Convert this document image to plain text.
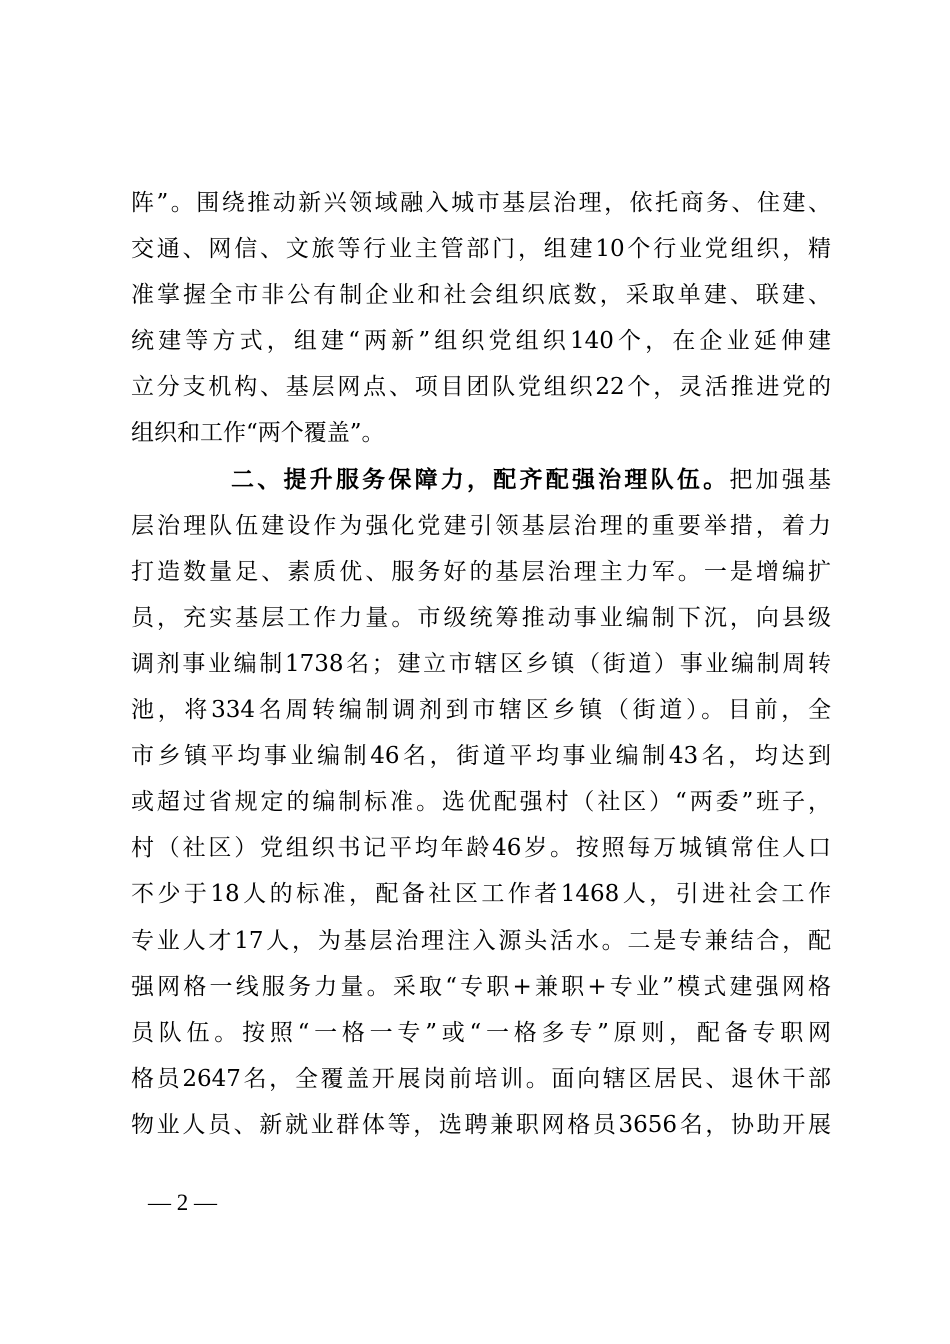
阵”。围绕推动新兴领域融入城市基层治理，依托商务、住建、
交通、网信、文旅等行业主管部门，组建10个行业党组织，精
准掌握全市非公有制企业和社会组织底数，采取单建、联建、
统建等方式，组建“两新”组织党组织140个，在企业延伸建
立分支机构、基层网点、项目团队党组织22个，灵活推进党的
组织和工作“两个覆盖”。
二、提升服务保障力，配齐配强治理队伍。把加强基
层治理队伍建设作为强化党建引领基层治理的重要举措，着力
打造数量足、素质优、服务好的基层治理主力军。一是增编扩
员，充实基层工作力量。市级统筹推动事业编制下沉，向县级
调剂事业编制1738名；建立市辖区乡镇（街道）事业编制周转
池，将334名周转编制调剂到市辖区乡镇（街道）。目前，全
市乡镇平均事业编制46名，街道平均事业编制43名，均达到
或超过省规定的编制标准。选优配强村（社区）“两委”班子，
村（社区）党组织书记平均年龄46岁。按照每万城镇常住人口
不少于18人的标准，配备社区工作者1468人，引进社会工作
专业人才17人，为基层治理注入源头活水。二是专兼结合，配
强网格一线服务力量。采取“专职+兼职+专业”模式建强网格
员队伍。按照“一格一专”或“一格多专”原则，配备专职网
格员2647名，全覆盖开展岗前培训。面向辖区居民、退休干部
物业人员、新就业群体等，选聘兼职网格员3656名，协助开展
— 2 —
